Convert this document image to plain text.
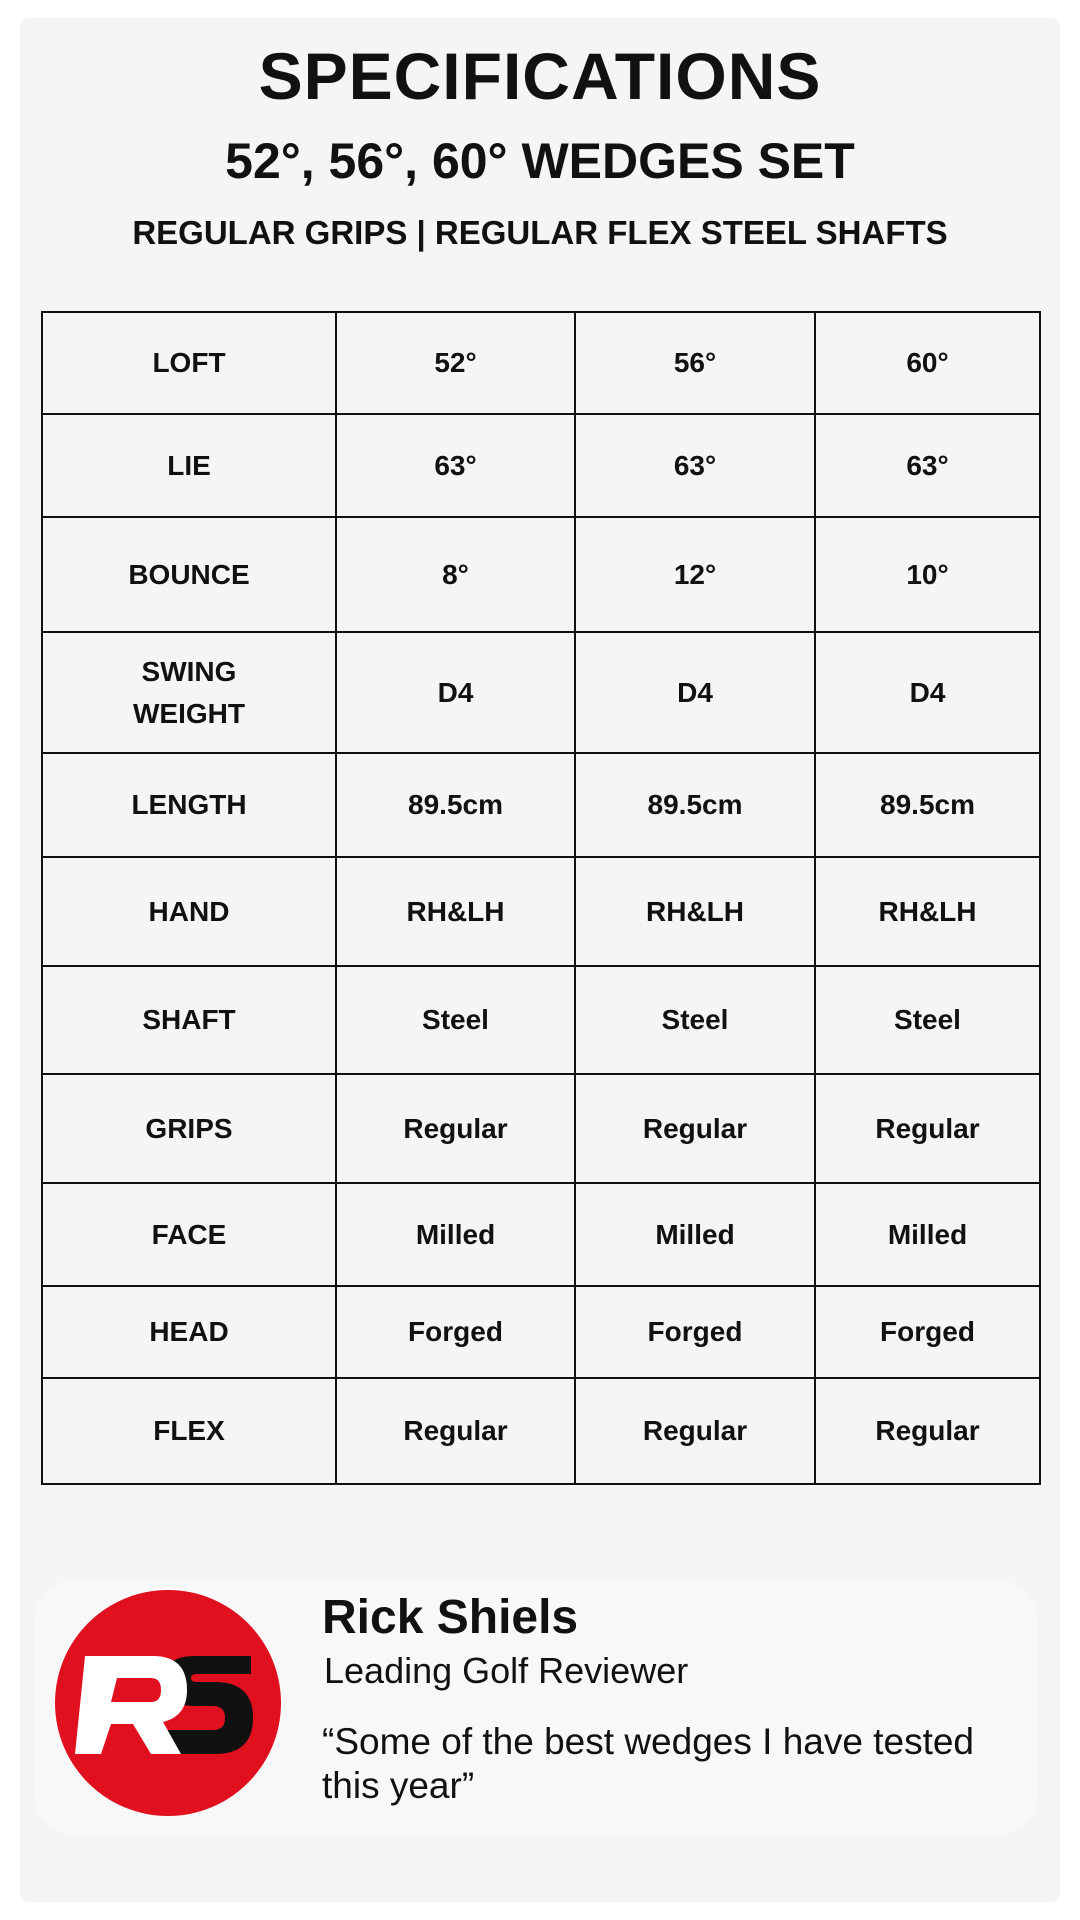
SPECIFICATIONS
52°, 56°, 60° WEDGES SET
REGULAR GRIPS | REGULAR FLEX STEEL SHAFTS
LOFT	52°	56°	60°
LIE	63°	63°	63°
BOUNCE	8°	12°	10°
SWING
WEIGHT	D4	D4	D4
LENGTH	89.5cm	89.5cm	89.5cm
HAND	RH&LH	RH&LH	RH&LH
SHAFT	Steel	Steel	Steel
GRIPS	Regular	Regular	Regular
FACE	Milled	Milled	Milled
HEAD	Forged	Forged	Forged
FLEX	Regular	Regular	Regular
Rick Shiels
Leading Golf Reviewer
“Some of the best wedges I have tested
this year”
